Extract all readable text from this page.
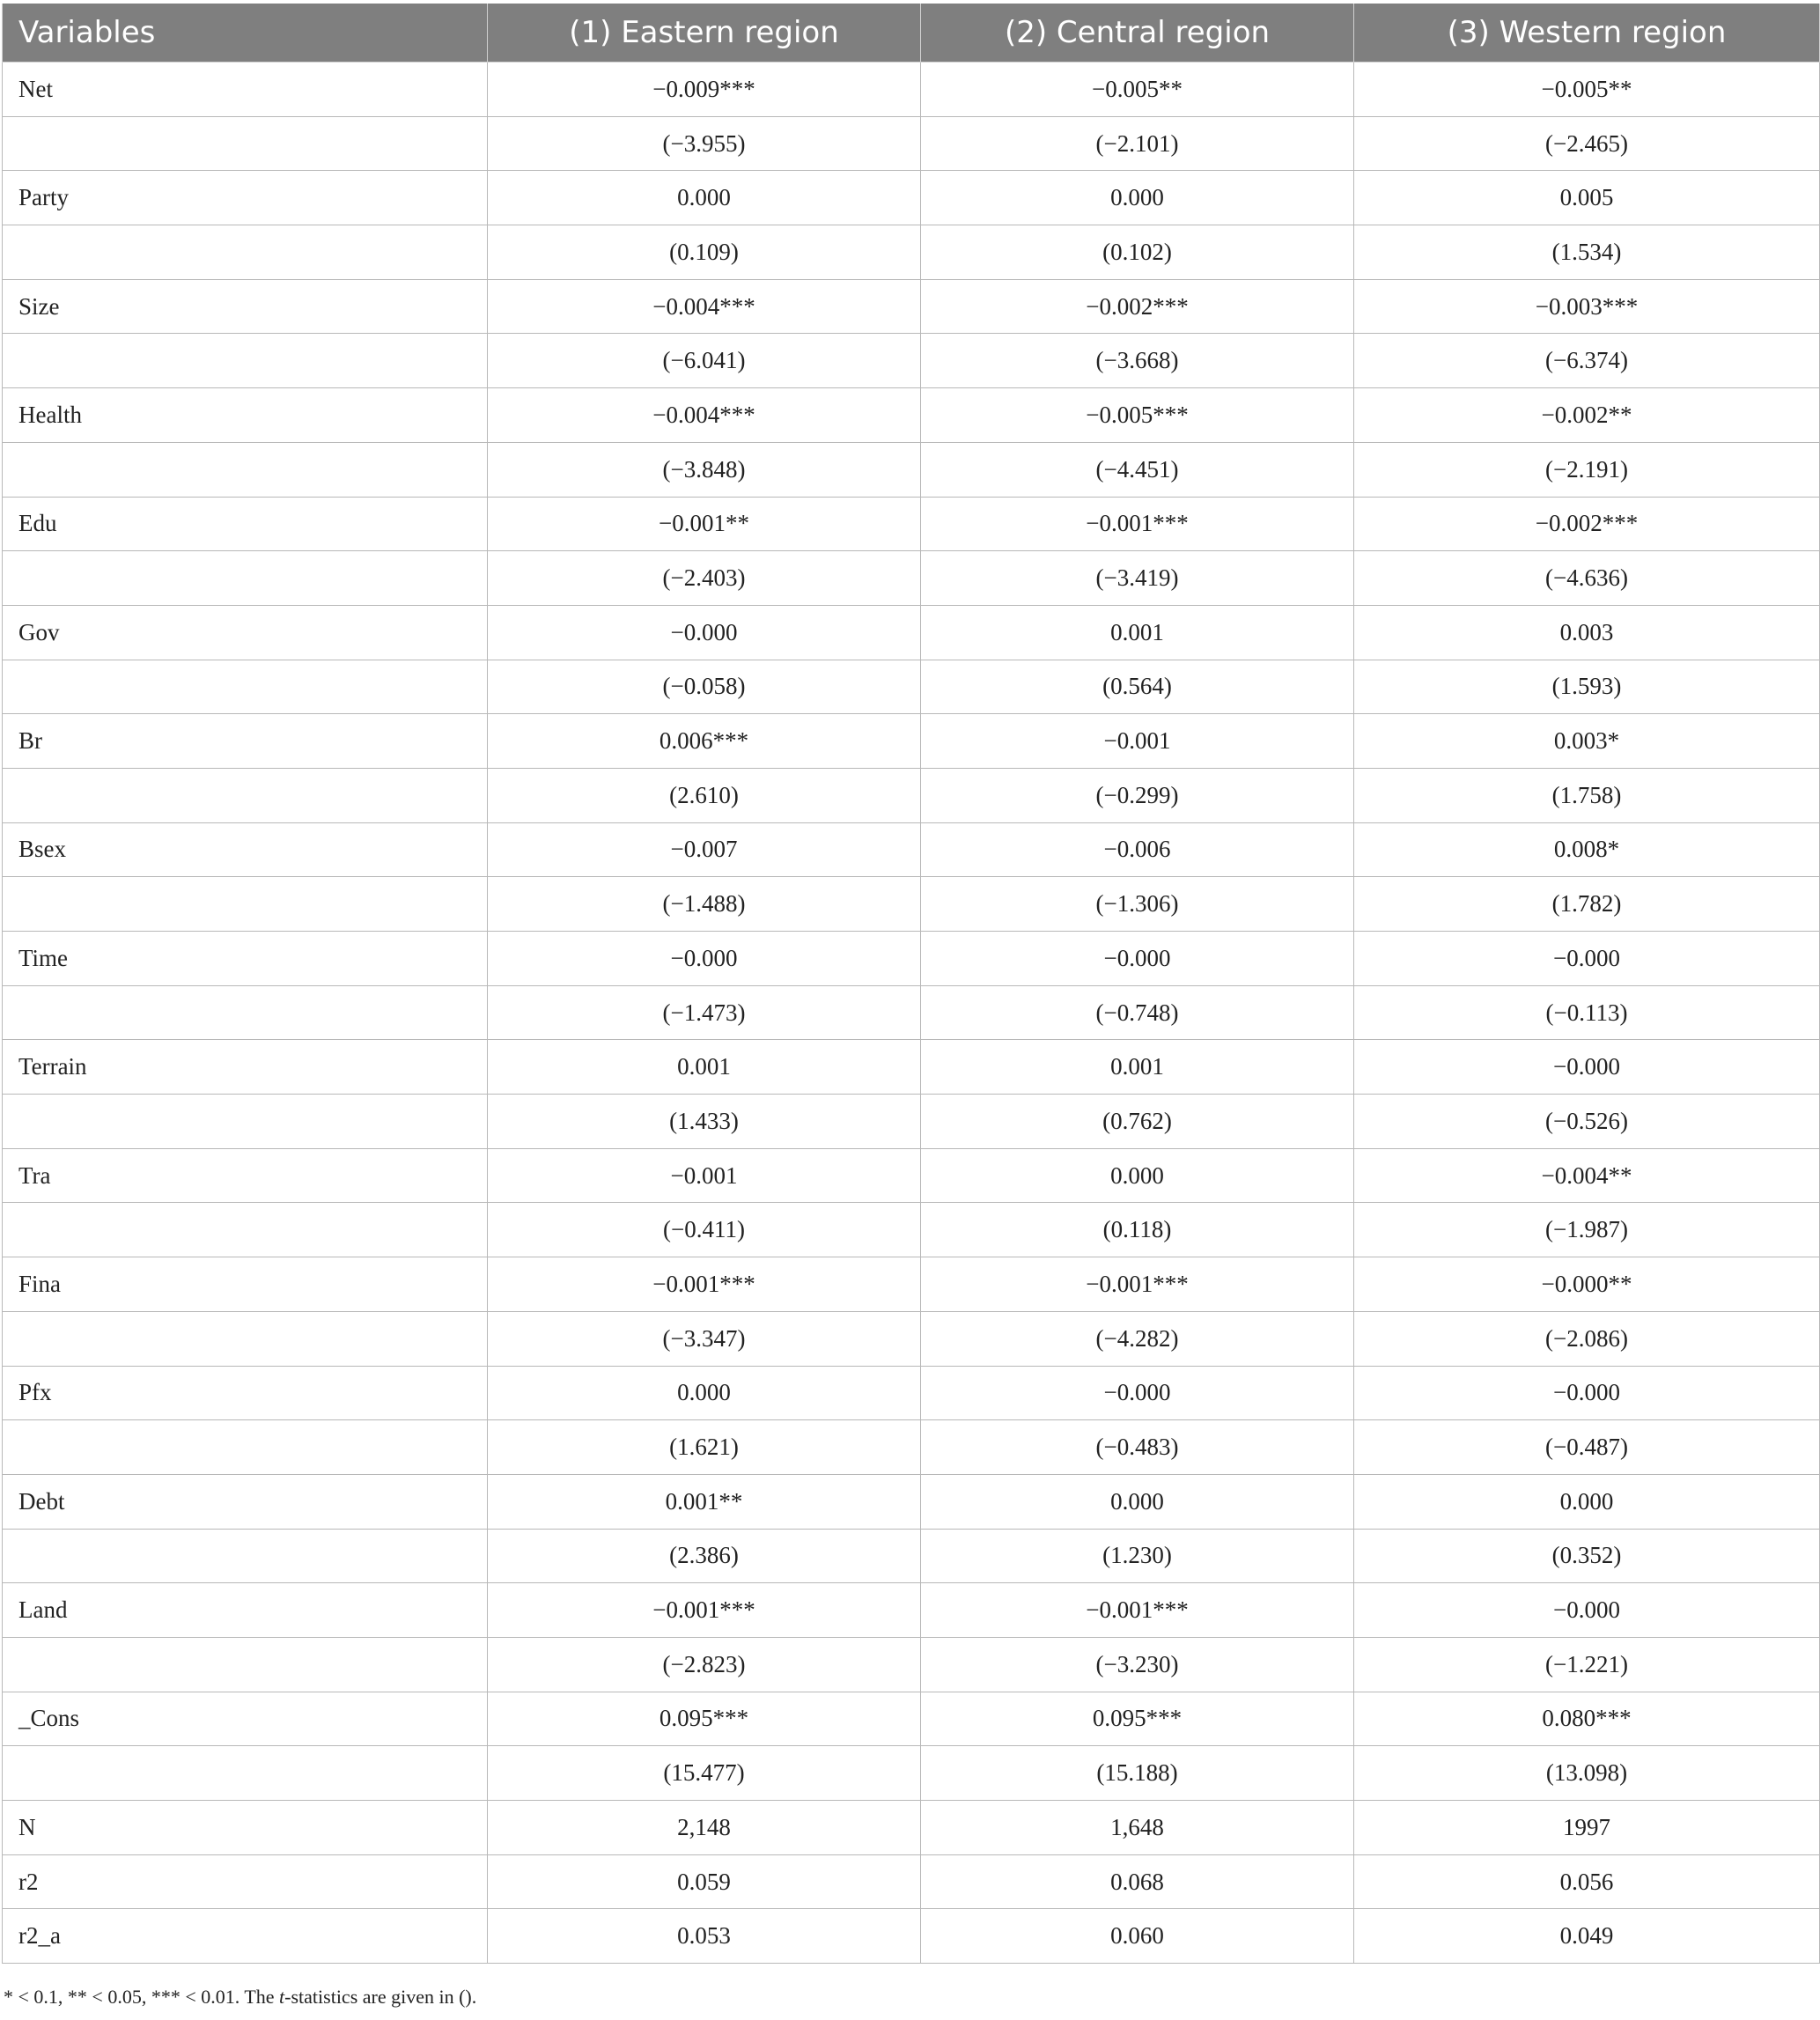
Variables	(1) Eastern region	(2) Central region	(3) Western region
Net	−0.009***	−0.005**	−0.005**
	(−3.955)	(−2.101)	(−2.465)
Party	0.000	0.000	0.005
	(0.109)	(0.102)	(1.534)
Size	−0.004***	−0.002***	−0.003***
	(−6.041)	(−3.668)	(−6.374)
Health	−0.004***	−0.005***	−0.002**
	(−3.848)	(−4.451)	(−2.191)
Edu	−0.001**	−0.001***	−0.002***
	(−2.403)	(−3.419)	(−4.636)
Gov	−0.000	0.001	0.003
	(−0.058)	(0.564)	(1.593)
Br	0.006***	−0.001	0.003*
	(2.610)	(−0.299)	(1.758)
Bsex	−0.007	−0.006	0.008*
	(−1.488)	(−1.306)	(1.782)
Time	−0.000	−0.000	−0.000
	(−1.473)	(−0.748)	(−0.113)
Terrain	0.001	0.001	−0.000
	(1.433)	(0.762)	(−0.526)
Tra	−0.001	0.000	−0.004**
	(−0.411)	(0.118)	(−1.987)
Fina	−0.001***	−0.001***	−0.000**
	(−3.347)	(−4.282)	(−2.086)
Pfx	0.000	−0.000	−0.000
	(1.621)	(−0.483)	(−0.487)
Debt	0.001**	0.000	0.000
	(2.386)	(1.230)	(0.352)
Land	−0.001***	−0.001***	−0.000
	(−2.823)	(−3.230)	(−1.221)
_Cons	0.095***	0.095***	0.080***
	(15.477)	(15.188)	(13.098)
N	2,148	1,648	1997
r2	0.059	0.068	0.056
r2_a	0.053	0.060	0.049
* < 0.1, ** < 0.05, *** < 0.01. The t-statistics are given in ().
